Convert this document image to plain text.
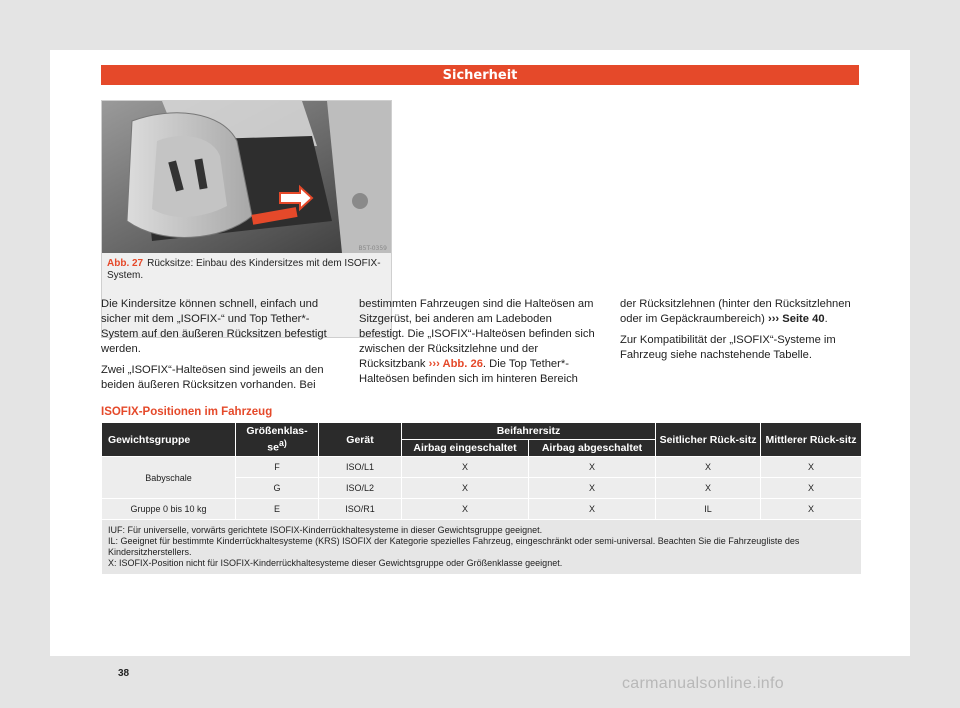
Sicherheit
B5T-0359
Abb. 27 Rücksitze: Einbau des Kindersitzes mit dem ISOFIX-System.

Die Kindersitze können schnell, einfach und sicher mit dem „ISOFIX-“ und Top Tether*-System auf den äußeren Rücksitzen befestigt werden.

Zwei „ISOFIX“-Halteösen sind jeweils an den beiden äußeren Rücksitzen vorhanden. Bei

bestimmten Fahrzeugen sind die Halteösen am Sitzgerüst, bei anderen am Ladeboden befestigt. Die „ISOFIX“-Halteösen befinden sich zwischen der Rücksitzlehne und der Rücksitzbank ››› Abb. 26. Die Top Tether*-Halteösen befinden sich im hinteren Bereich

der Rücksitzlehnen (hinter den Rücksitzlehnen oder im Gepäckraumbereich) ››› Seite 40.

Zur Kompatibilität der „ISOFIX“-Systeme im Fahrzeug siehe nachstehende Tabelle.

ISOFIX-Positionen im Fahrzeug
Gewichtsgruppe	Größenklas-$se^{a)}$	Gerät	Beifahrersitz		Seitlicher Rück-sitz	Mittlerer Rück-sitz
			Airbag eingeschaltet	Airbag abgeschaltet		
Babyschale	F	ISO/L1	X	X	X	X
	G	ISO/L2	X	X	X	X
Gruppe 0 bis 10 kg	E	ISO/R1	X	X	IL	X

IUF: Für universelle, vorwärts gerichtete ISOFIX-Kinderrückhaltesysteme in dieser Gewichtsgruppe geeignet.
IL: Geeignet für bestimmte Kinderrückhaltesysteme (KRS) ISOFIX der Kategorie spezielles Fahrzeug, eingeschränkt oder semi-universal. Beachten Sie die Fahrzeugliste des Kindersitzherstellers.
X: ISOFIX-Position nicht für ISOFIX-Kinderrückhaltesysteme dieser Gewichtsgruppe oder Größenklasse geeignet.						
38
carmanualsonline.info
